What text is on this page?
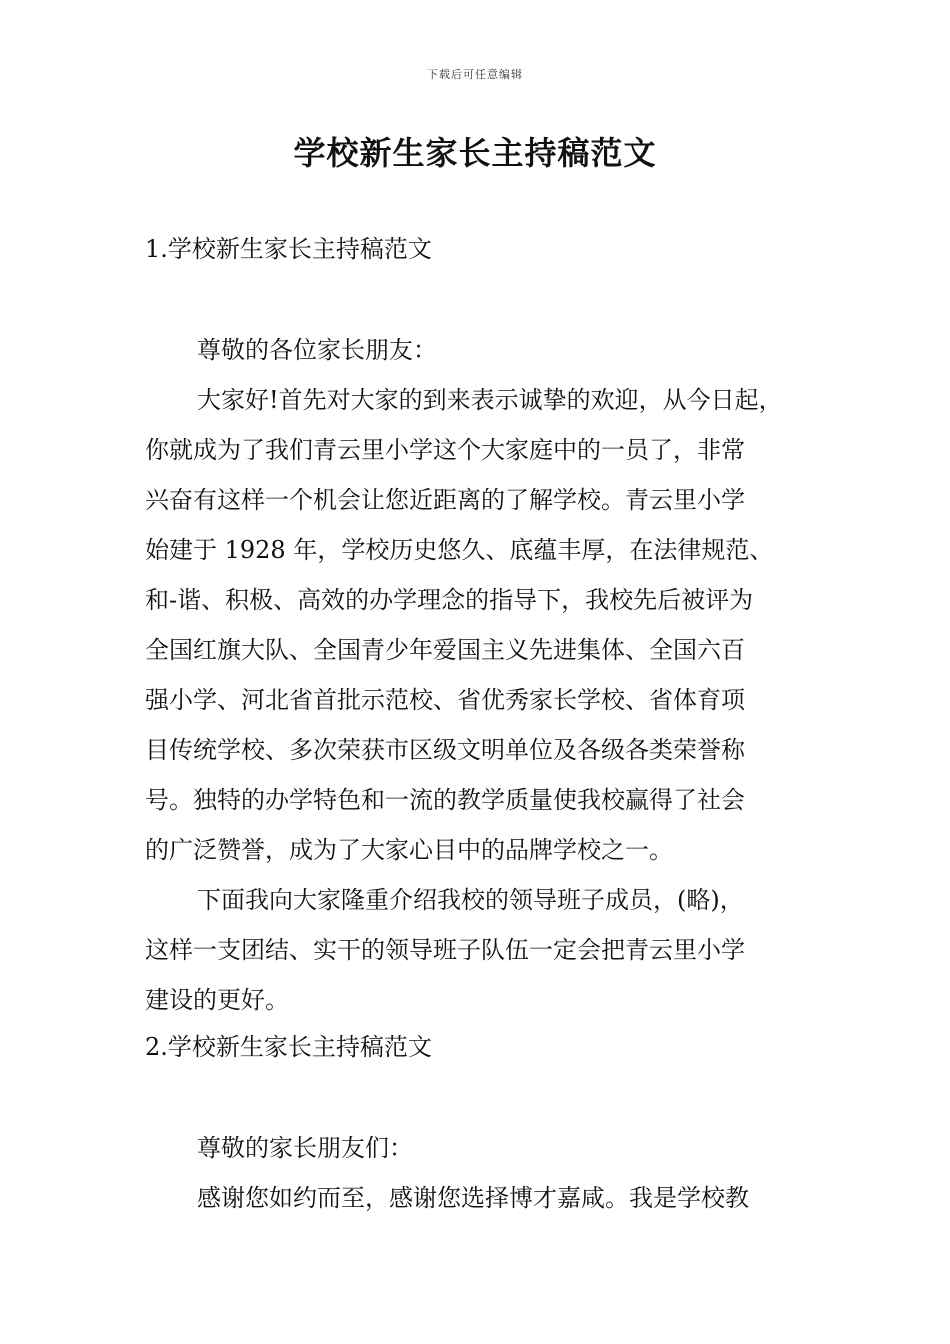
下载后可任意编辑
学校新生家长主持稿范文
1.学校新生家长主持稿范文
尊敬的各位家长朋友：
大家好!首先对大家的到来表示诚挚的欢迎，从今日起，
你就成为了我们青云里小学这个大家庭中的一员了，非常
兴奋有这样一个机会让您近距离的了解学校。青云里小学
始建于 1928 年，学校历史悠久、底蕴丰厚，在法律规范、
和-谐、积极、高效的办学理念的指导下，我校先后被评为
全国红旗大队、全国青少年爱国主义先进集体、全国六百
强小学、河北省首批示范校、省优秀家长学校、省体育项
目传统学校、多次荣获市区级文明单位及各级各类荣誉称
号。独特的办学特色和一流的教学质量使我校赢得了社会
的广泛赞誉，成为了大家心目中的品牌学校之一。
下面我向大家隆重介绍我校的领导班子成员，(略)，
这样一支团结、实干的领导班子队伍一定会把青云里小学
建设的更好。
2.学校新生家长主持稿范文
尊敬的家长朋友们：
感谢您如约而至，感谢您选择博才嘉咸。我是学校教
